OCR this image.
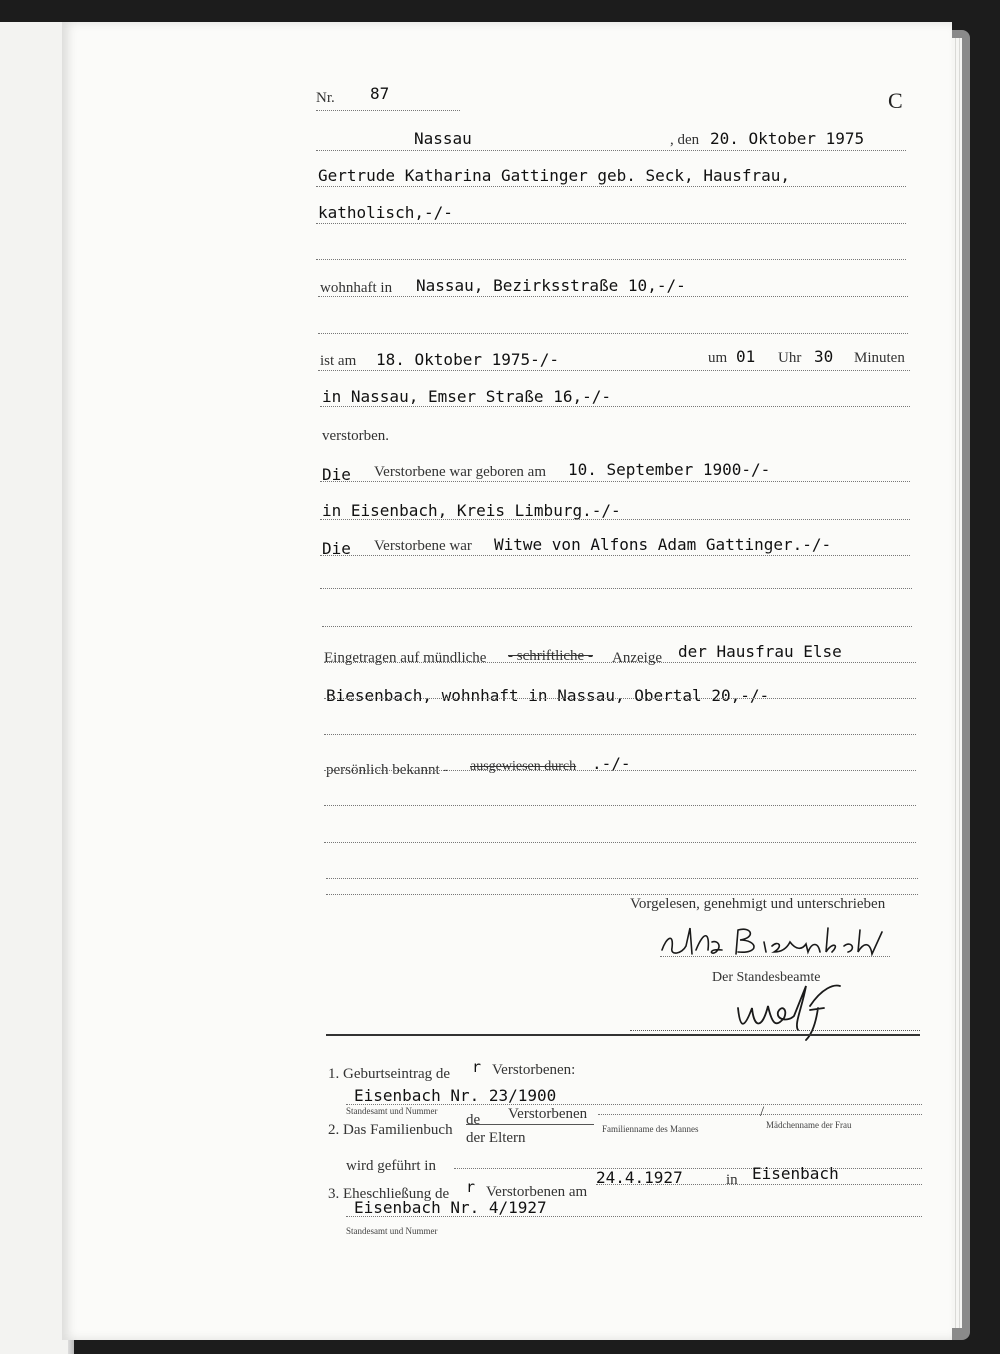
Nr. 87	C
Nassau	, den 20. Oktober 1975
Gertrude Katharina Gattinger geb. Seck, Hausfrau,
katholisch,-/-
wohnhaft in Nassau, Bezirksstraße 10,-/-
ist am 18. Oktober 1975-/-	um 01 Uhr 30 Minuten
in Nassau, Emser Straße 16,-/-
verstorben.
Die Verstorbene war geboren am 10. September 1900-/-
in Eisenbach, Kreis Limburg.-/-
Die Verstorbene war Witwe von Alfons Adam Gattinger.-/-
Eingetragen auf mündliche - schriftliche - Anzeige der Hausfrau Else
Biesenbach, wohnhaft in Nassau, Obertal 20,-/-
persönlich bekannt - ausgewiesen durch .-/-
Vorgelesen, genehmigt und unterschrieben
Der Standesbeamte
1. Geburtseintrag de r Verstorbenen:
Eisenbach Nr. 23/1900
Standesamt und Nummer
2. Das Familienbuch
de Verstorbenen
der Eltern
/
Familienname des Mannes	Mädchenname der Frau
wird geführt in
3. Eheschließung de r Verstorbenen am
24.4.1927	in Eisenbach
Eisenbach Nr. 4/1927
Standesamt und Nummer
